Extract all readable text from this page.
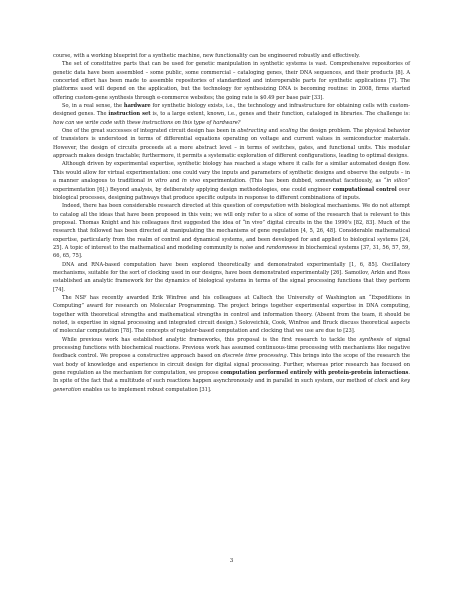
course, with a working blueprint for a synthetic machine, new functionality can be engineered robustly and effectively.

The set of constitutive parts that can be used for genetic manipulation in synthetic systems is vast. Comprehensive repositories of genetic data have been assembled – some public, some commercial – cataloging genes, their DNA sequences, and their products [8]. A concerted effort has been made to assemble repositories of standardized and interoperable parts for synthetic applications [7]. The platforms used will depend on the application, but the technology for synthesizing DNA is becoming routine: in 2008, firms started offering custom-gene synthesis through e-commerce websites; the going rate is $0.49 per base pair [33].

So, in a real sense, the hardware for synthetic biology exists, i.e., the technology and infrastructure for obtaining cells with custom-designed genes. The instruction set is, to a large extent, known, i.e., genes and their function, cataloged in libraries. The challenge is: how can we write code with these instructions on this type of hardware?

One of the great successes of integrated circuit design has been in abstracting and scaling the design problem. The physical behavior of transistors is understood in terms of differential equations operating on voltage and current values in semiconductor materials. However, the design of circuits proceeds at a more abstract level – in terms of switches, gates, and functional units. This modular approach makes design tractable; furthermore, it permits a systematic exploration of different configurations, leading to optimal designs.

Although driven by experimental expertise, synthetic biology has reached a stage where it calls for a similar automated design flow. This would allow for virtual experimentation: one could vary the inputs and parameters of synthetic designs and observe the outputs – in a manner analogous to traditional in vitro and in vivo experimentation. (This has been dubbed, somewhat facetiously, as “in silico” experimentation [6].) Beyond analysis, by deliberately applying design methodologies, one could engineer computational control over biological processes, designing pathways that produce specific outputs in response to different combinations of inputs.

Indeed, there has been considerable research directed at this question of computation with biological mechanisms. We do not attempt to catalog all the ideas that have been proposed in this vein; we will only refer to a slice of some of the research that is relevant to this proposal. Thomas Knight and his colleagues first suggested the idea of “in vivo” digital circuits in the the 1990's [82, 83]. Much of the research that followed has been directed at manipulating the mechanisms of gene regulation [4, 5, 26, 48]. Considerable mathematical expertise, particularly from the realm of control and dynamical systems, and been developed for and applied to biological systems [24, 25]. A topic of interest to the mathematical and modeling community is noise and randomness in biochemical systems [37, 31, 56, 57, 59, 66, 65, 75].

DNA and RNA-based computation have been explored theoretically and demonstrated experimentally [1, 6, 85]. Oscillatory mechanisms, suitable for the sort of clocking used in our designs, have been demonstrated experimentally [26]. Samoilov, Arkin and Ross established an analytic framework for the dynamics of biological systems in terms of the signal processing functions that they perform [74].

The NSF has recently awarded Erik Winfree and his colleagues at Caltech the University of Washington an “Expeditions in Computing” award for research on Molecular Programming. The project brings together experimental expertise in DNA computing, together with theoretical strengths and mathematical strengths in control and information theory. (Absent from the team, it should be noted, is expertise in signal processing and integrated circuit design.) Soloveichik, Cook, Winfree and Bruck discuss theoretical aspects of molecular computation [78]. The concepts of register-based computation and clocking that we use are due to [23].

While previous work has established analytic frameworks, this proposal is the first research to tackle the synthesis of signal processing functions with biochemical reactions. Previous work has assumed continuous-time processing with mechanisms like negative feedback control. We propose a constructive approach based on discrete time processing. This brings into the scope of the research the vast body of knowledge and experience in circuit design for digital signal processing. Further, whereas prior research has focused on gene regulation as the mechanism for computation, we propose computation performed entirely with protein-protein interactions. In spite of the fact that a multitude of such reactions happen asynchronously and in parallel in such system, our method of clock and key generation enables us to implement robust computation [31].

3
